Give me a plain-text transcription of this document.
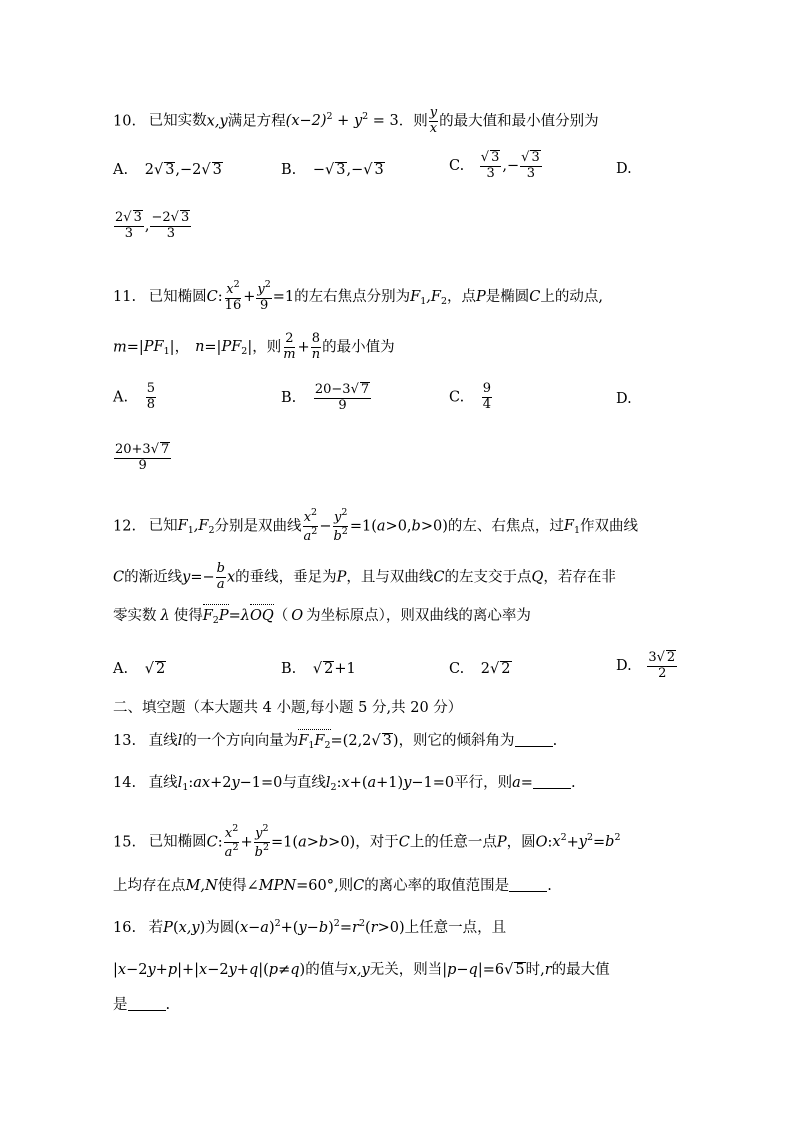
10. 已知实数x,y满足方程$(x-2)^2 + y^2 = 3$．则 $\frac{y}{x}$ 的最大值和最小值分别为
A. 2√ 3,−2√ 3	B. −√ 3,−√ 3	C. $\frac{√ 3}{3}$ ,− $\frac{√ 3}{3}$	D.
$\frac{2√ 3}{3}$ , $\frac{-2√ 3}{3}$
11. 已知椭圆C: $\frac{x^2}{16} + \frac{y^2}{9} =1$的左右焦点分别为$F_1,F_2$，点P是椭圆C上的动点,
$m=|PF_1|$， $n=|PF_2|$，则 $\frac{2}{m} + \frac{8}{n}$ 的最小值为
A. $\frac{5}{8}$	B. $\frac{20-3√ 7}{9}$	C. $\frac{9}{4}$	D.
$\frac{20+3√ 7}{9}$
12. 已知$F_1,F_2$分别是双曲线 $\frac{x^2}{a^2} - \frac{y^2}{b^2} =1(a>0,b>0)$的左、右焦点，过$F_1$作双曲线
C的渐近线$y=- \frac{b}{a}$ x的垂线，垂足为P，且与双曲线C的左支交于点Q，若存在非
零实数 λ 使得$F_2P=\lambda OQ$（ O 为坐标原点），则双曲线的离心率为
A. √ 2	B. √ 2+1	C. 2√ 2	D. $\frac{3√ 2}{2}$
二、填空题（本大题共 4 小题,每小题 5 分,共 20 分）
13. 直线l的一个方向向量为$F_1F_2=(2,2√$ 3)，则它的倾斜角为	.
14. 直线$l_1:ax+2y-1=0$与直线$l_2:x+(a+1)y-1=0$平行，则a=	.
15. 已知椭圆C: $\frac{x^2}{a^2} + \frac{y^2}{b^2} =1(a>b>0)$，对于C上的任意一点P，圆$O:x^2+y^2=b^2$
上均存在点M,N使得∠MPN=60°,则C的离心率的取值范围是	.
16. 若P(x,y)为圆$(x-a)^2+(y-b)^2=r^2(r>0)$上任意一点，且
|x−2y+p|+|x−2y+q|(p≠q)的值与x,y无关，则当|p−q|=6√ 5时,r的最大值
是	.
